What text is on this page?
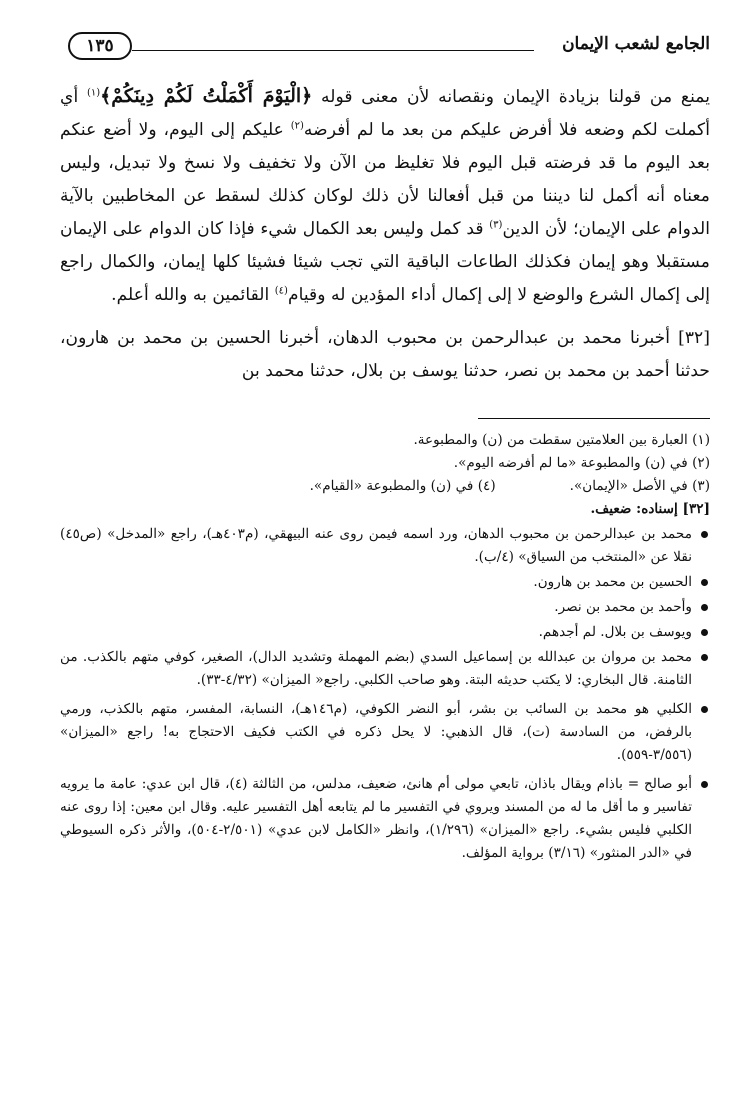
الجامع لشعب الإيمان
١٣٥

يمنع من قولنا بزيادة الإيمان ونقصانه لأن معنى قوله ﴿الْيَوْمَ أَكْمَلْتُ لَكُمْ دِينَكُمْ﴾$^{(١)}$ أي أكملت لكم وضعه فلا أفرض عليكم من بعد ما لم أفرضه$^{(٢)}$ عليكم إلى اليوم، ولا أضع عنكم بعد اليوم ما قد فرضته قبل اليوم فلا تغليظ من الآن ولا تخفيف ولا نسخ ولا تبديل، وليس معناه أنه أكمل لنا ديننا من قبل أفعالنا لأن ذلك لوكان كذلك لسقط عن المخاطبين بالآية الدوام على الإيمان؛ لأن الدين$^{(٣)}$ قد كمل وليس بعد الكمال شيء فإذا كان الدوام على الإيمان مستقبلا وهو إيمان فكذلك الطاعات الباقية التي تجب شيئا فشيئا كلها إيمان، والكمال راجع إلى إكمال الشرع والوضع لا إلى إكمال أداء المؤدين له وقيام$^{(٤)}$ القائمين به والله أعلم.

[٣٢] أخبرنا محمد بن عبدالرحمن بن محبوب الدهان، أخبرنا الحسين بن محمد بن هارون، حدثنا أحمد بن محمد بن نصر، حدثنا يوسف بن بلال، حدثنا محمد بن

(١) العبارة بين العلامتين سقطت من (ن) والمطبوعة.

(٢) في (ن) والمطبوعة «ما لم أفرضه اليوم».

(٣) في الأصل «الإيمان».

(٤) في (ن) والمطبوعة «القيام».

[٣٢] إسناده: ضعيف.

محمد بن عبدالرحمن بن محبوب الدهان، ورد اسمه فيمن روى عنه البيهقي، (م٤٠٣هـ)، راجع «المدخل» (ص٤٥) نقلا عن «المنتخب من السياق» (٤/ب).
الحسين بن محمد بن هارون.
وأحمد بن محمد بن نصر.
ويوسف بن بلال. لم أجدهم.
محمد بن مروان بن عبدالله بن إسماعيل السدي (بضم المهملة وتشديد الدال)، الصغير، كوفي متهم بالكذب. من الثامنة. قال البخاري: لا يكتب حديثه البتة. وهو صاحب الكلبي. راجع« الميزان» (٤/٣٢-٣٣).
الكلبي هو محمد بن السائب بن بشر، أبو النضر الكوفي، (م١٤٦هـ)، النسابة، المفسر، متهم بالكذب، ورمي بالرفض، من السادسة (ت)، قال الذهبي: لا يحل ذكره في الكتب فكيف الاحتجاج به! راجع «الميزان» (٣/٥٥٦-٥٥٩).
أبو صالح = باذام ويقال باذان، تابعي مولى أم هانئ، ضعيف، مدلس، من الثالثة (٤)، قال ابن عدي: عامة ما يرويه تفاسير و ما أقل ما له من المسند ويروي في التفسير ما لم يتابعه أهل التفسير عليه. وقال ابن معين: إذا روى عنه الكلبي فليس بشيء. راجع «الميزان» (١/٢٩٦)، وانظر «الكامل لابن عدي» (٢/٥٠١-٥٠٤)، والأثر ذكره السيوطي في «الدر المنثور» (٣/١٦) برواية المؤلف.
